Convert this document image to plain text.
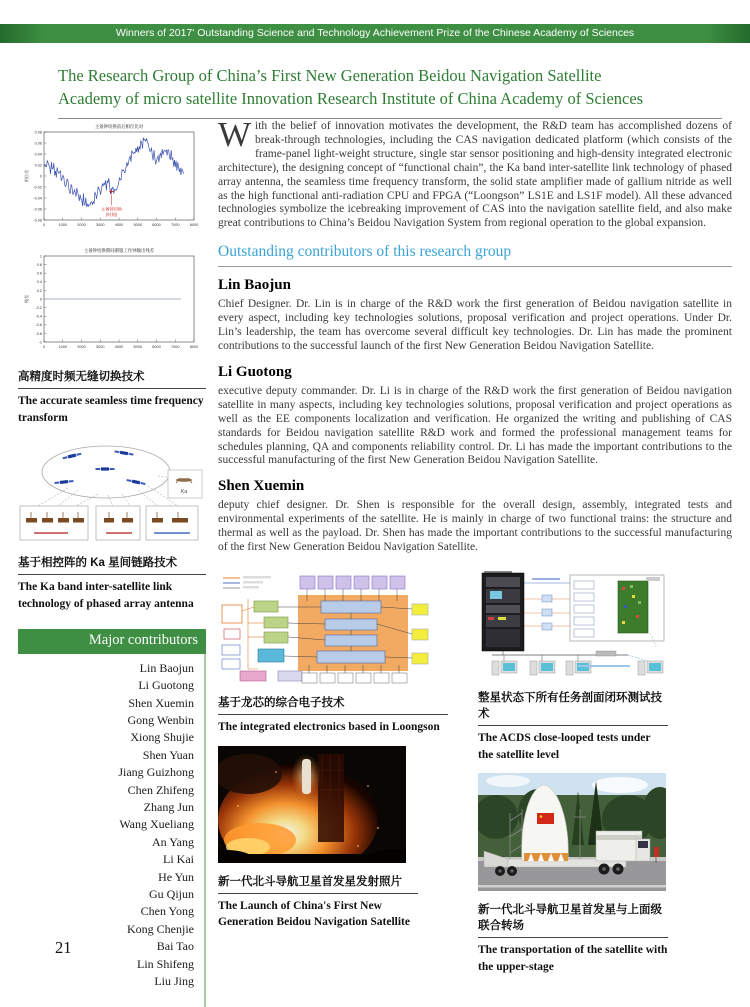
Winners of 2017' Outstanding Science and Technology Achievement Prize of the Chinese Academy of Sciences
The Research Group of China’s First New Generation Beidou Navigation Satellite
Academy of micro satellite Innovation Research Institute of China Academy of Sciences
主备钟切换前后相位比对
0.08
0.06
0.04
0.02
0
-0.02
-0.04
-0.06
-0.08
0	1000	2000	3000	4000	5000	6000	7000	8000
相位差
主备钟切换
(时刻)
主备钟切换期间驯服工作钟输出残差
1
0.8
0.6
0.4
0.2
0
-0.2
-0.4
-0.6
-0.8
-1
0	1000	2000	3000	4000	5000	6000	7000	8000
残差
高精度时频无缝切换技术
The accurate seamless time frequency transform
Ka
基于相控阵的 Ka 星间链路技术
The Ka band inter-satellite link technology of phased array antenna
Major contributors
Lin Baojun
Li Guotong
Shen Xuemin
Gong Wenbin
Xiong Shujie
Shen Yuan
Jiang Guizhong
Chen Zhifeng
Zhang Jun
Wang Xueliang
An Yang
Li Kai
He Yun
Gu Qijun
Chen Yong
Kong Chenjie
Bai Tao
Lin Shifeng
Liu Jing
21

With the belief of innovation motivates the development, the R&D team has accomplished dozens of break-through technologies, including the CAS navigation dedicated platform (which consists of the frame-panel light-weight structure, single star sensor positioning and high-density integrated electronic architecture), the designing concept of “functional chain”, the Ka band inter-satellite link technology of phased array antenna, the seamless time frequency transform, the solid state amplifier made of gallium nitride as well as the high functional anti-radiation CPU and FPGA (“Loongson” LS1E and LS1F model). All these advanced technologies symbolize the icebreaking improvement of CAS into the navigation satellite field, and also make great contributions to China’s Beidou Navigation System from regional operation to the global expansion.

Outstanding contributors of this research group
Lin Baojun

Chief Designer. Dr. Lin is in charge of the R&D work the first generation of Beidou navigation satellite in every aspect, including key technologies solutions, proposal verification and project operations. Under Dr. Lin’s leadership, the team has overcome several difficult key technologies. Dr. Lin has made the prominent contributions to the successful launch of the first New Generation Beidou Navigation Satellite.

Li Guotong

executive deputy commander. Dr. Li is in charge of the R&D work the first generation of Beidou navigation satellite in many aspects, including key technologies solutions, proposal verification and project operations as well as the EE components localization and verification. He organized the writing and publishing of CAS standards for Beidou navigation satellite R&D work and formed the professional management teams for schedules planning, QA and components reliability control. Dr. Li has made the important contributions to the successful manufacturing of the first New Generation Beidou Navigation Satellite.

Shen Xuemin

deputy chief designer. Dr. Shen is responsible for the overall design, assembly, integrated tests and environmental experiments of the satellite. He is mainly in charge of two functional trains: the structure and thermal as well as the payload. Dr. Shen has made the important contributions to the successful manufacturing of the first New Generation Beidou Navigation Satellite.

基于龙芯的综合电子技术
The integrated electronics based in Loongson
新一代北斗导航卫星首发星发射照片
The Launch of China's First New Generation Beidou Navigation Satellite
整星状态下所有任务剖面闭环测试技术
The ACDS close-looped tests under the satellite level
新一代北斗导航卫星首发星与上面级联合转场
The transportation of the satellite with the upper-stage
